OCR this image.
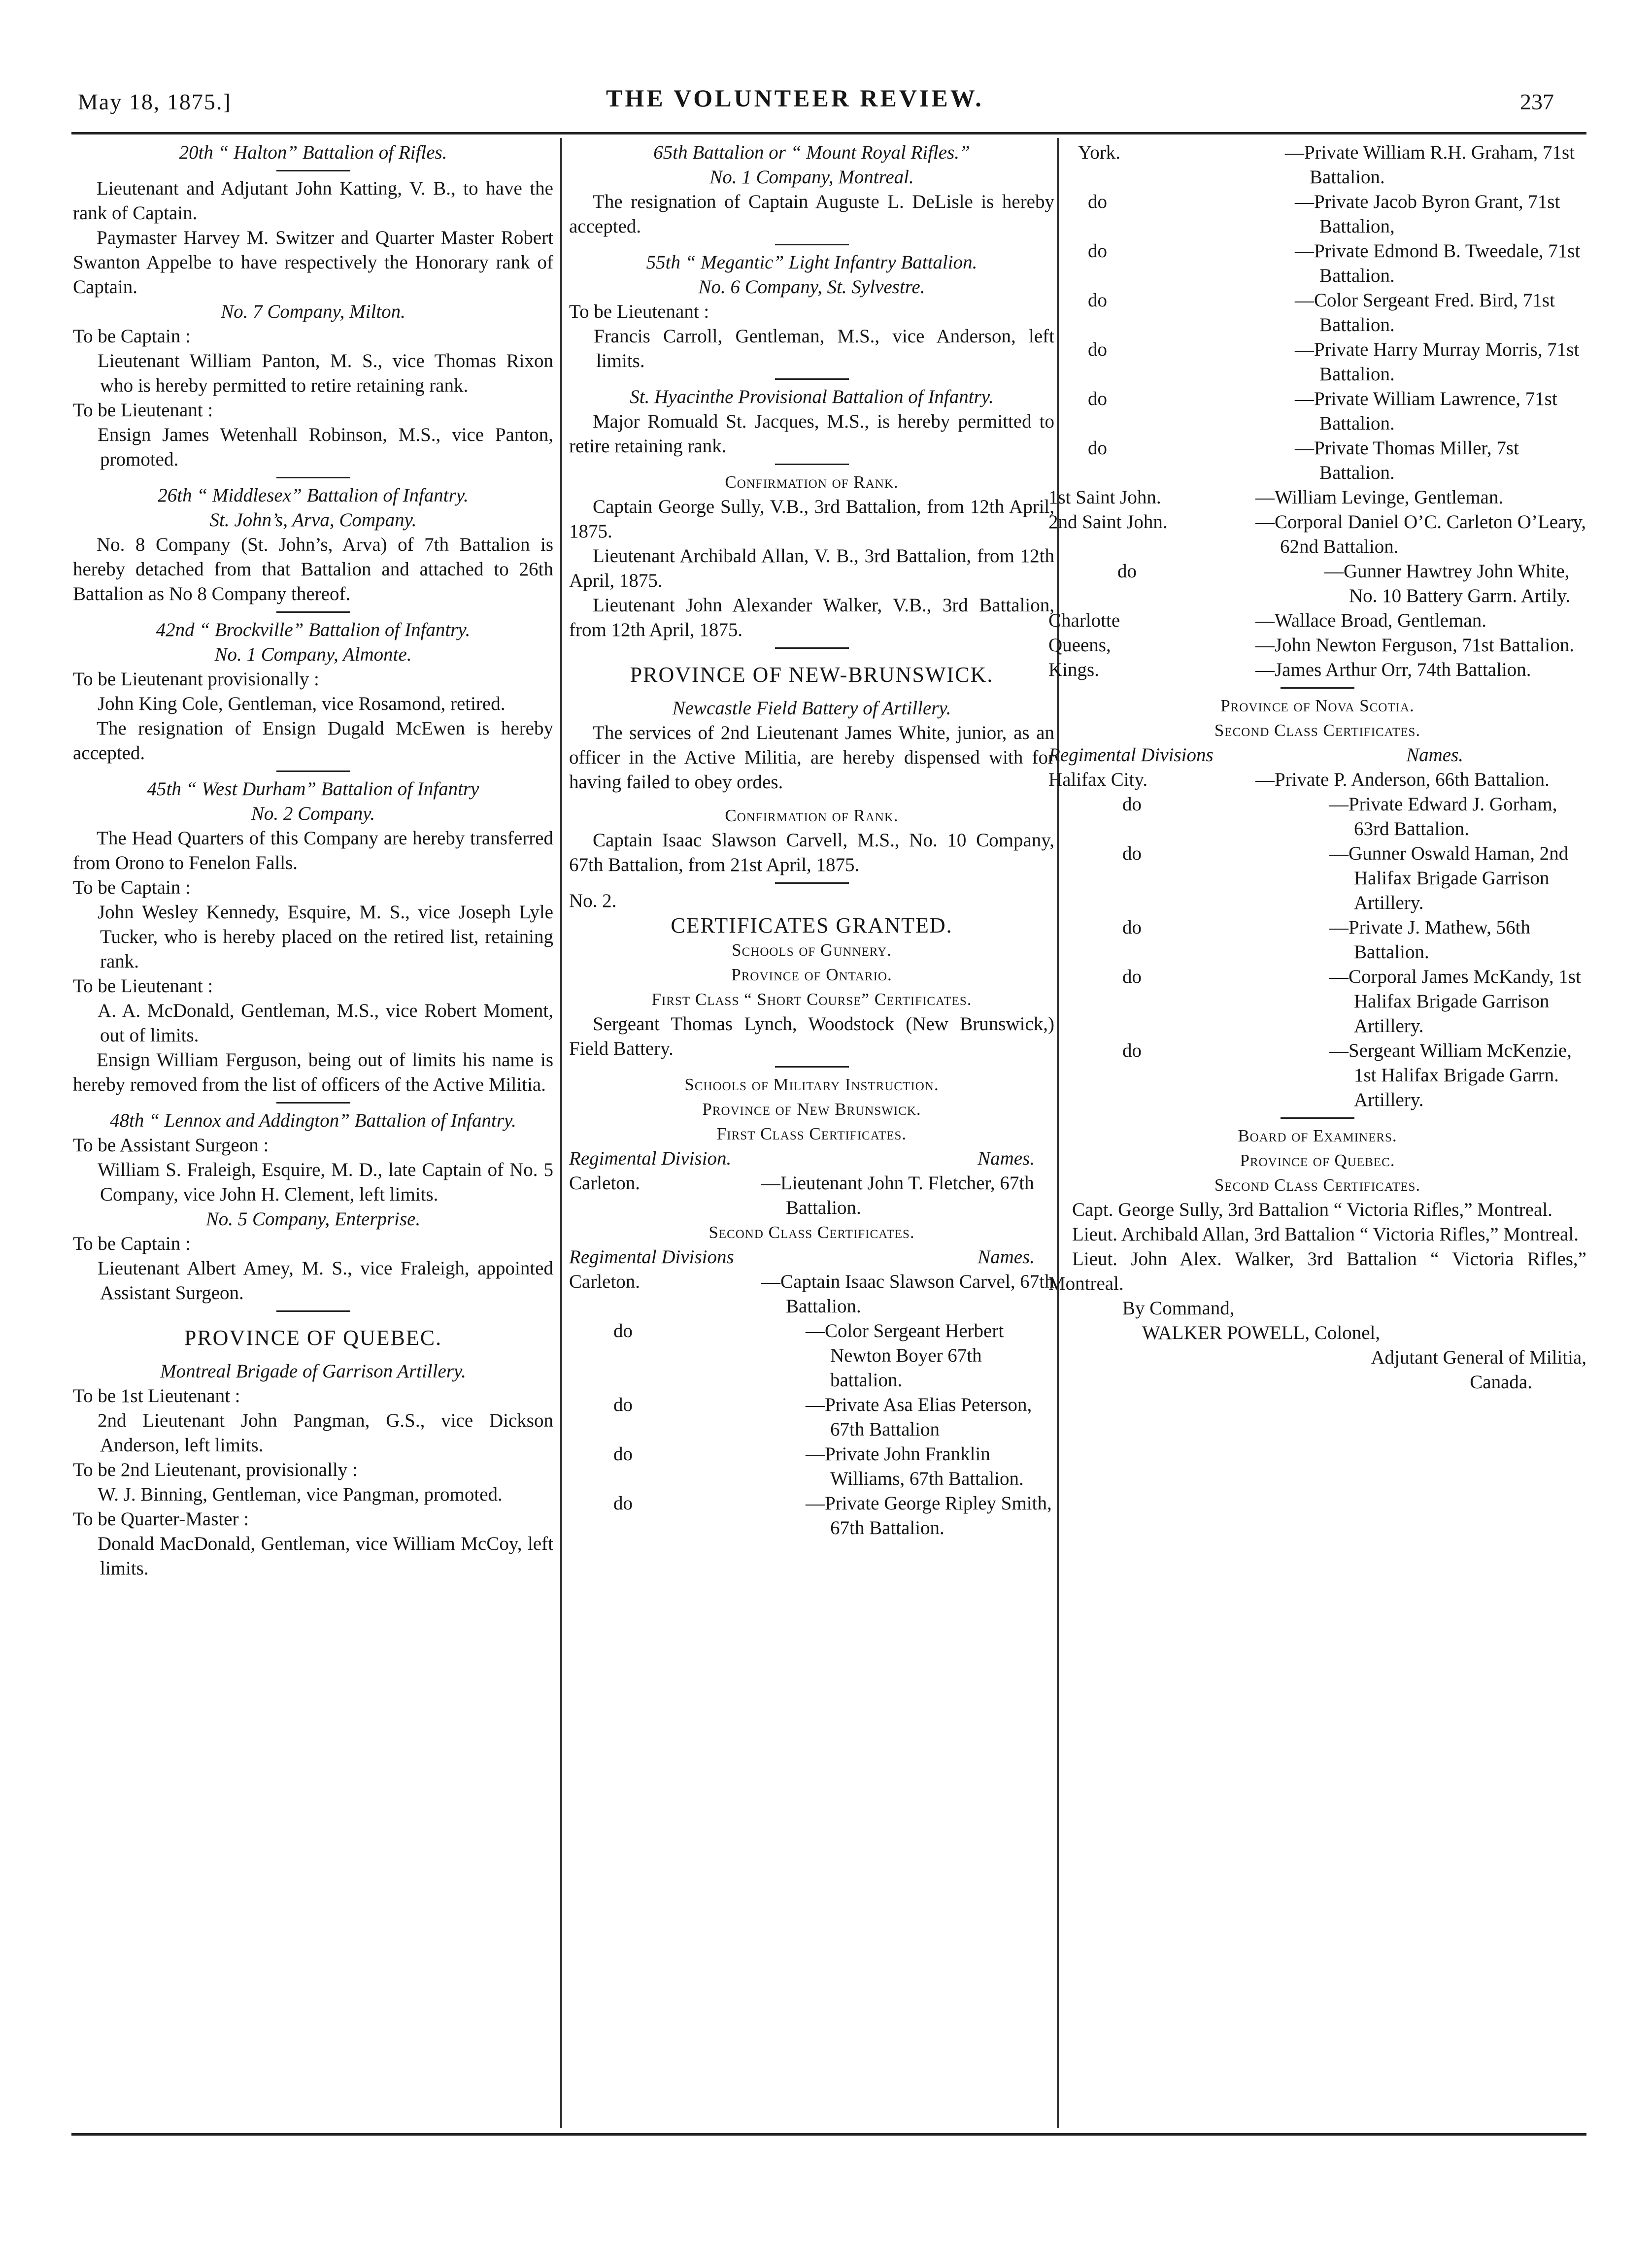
May 18, 1875.]	THE VOLUNTEER REVIEW.	237
20th “ Halton” Battalion of Rifles.
Lieutenant and Adjutant John Katting, V. B., to have the rank of Captain.
Paymaster Harvey M. Switzer and Quarter Master Robert Swanton Appelbe to have respectively the Honorary rank of Captain.
No. 7 Company, Milton.
To be Captain :
Lieutenant William Panton, M. S., vice Thomas Rixon who is hereby permitted to retire retaining rank.
To be Lieutenant :
Ensign James Wetenhall Robinson, M.S., vice Panton, promoted.
26th “ Middlesex” Battalion of Infantry.
St. John’s, Arva, Company.
No. 8 Company (St. John’s, Arva) of 7th Battalion is hereby detached from that Battalion and attached to 26th Battalion as No 8 Company thereof.
42nd “ Brockville” Battalion of Infantry.
No. 1 Company, Almonte.
To be Lieutenant provisionally :
John King Cole, Gentleman, vice Rosamond, retired.
The resignation of Ensign Dugald McEwen is hereby accepted.
45th “ West Durham” Battalion of Infantry
No. 2 Company.
The Head Quarters of this Company are hereby transferred from Orono to Fenelon Falls.
To be Captain :
John Wesley Kennedy, Esquire, M. S., vice Joseph Lyle Tucker, who is hereby placed on the retired list, retaining rank.
To be Lieutenant :
A. A. McDonald, Gentleman, M.S., vice Robert Moment, out of limits.
Ensign William Ferguson, being out of limits his name is hereby removed from the list of officers of the Active Militia.
48th “ Lennox and Addington” Battalion of Infantry.
To be Assistant Surgeon :
William S. Fraleigh, Esquire, M. D., late Captain of No. 5 Company, vice John H. Clement, left limits.
No. 5 Company, Enterprise.
To be Captain :
Lieutenant Albert Amey, M. S., vice Fraleigh, appointed Assistant Surgeon.
PROVINCE OF QUEBEC.
Montreal Brigade of Garrison Artillery.
To be 1st Lieutenant :
2nd Lieutenant John Pangman, G.S., vice Dickson Anderson, left limits.
To be 2nd Lieutenant, provisionally :
W. J. Binning, Gentleman, vice Pangman, promoted.
To be Quarter-Master :
Donald MacDonald, Gentleman, vice William McCoy, left limits.
65th Battalion or “ Mount Royal Rifles.”
No. 1 Company, Montreal.
The resignation of Captain Auguste L. DeLisle is hereby accepted.
55th “ Megantic” Light Infantry Battalion.
No. 6 Company, St. Sylvestre.
To be Lieutenant :
Francis Carroll, Gentleman, M.S., vice Anderson, left limits.
St. Hyacinthe Provisional Battalion of Infantry.
Major Romuald St. Jacques, M.S., is hereby permitted to retire retaining rank.
Confirmation of Rank.
Captain George Sully, V.B., 3rd Battalion, from 12th April, 1875.
Lieutenant Archibald Allan, V. B., 3rd Battalion, from 12th April, 1875.
Lieutenant John Alexander Walker, V.B., 3rd Battalion, from 12th April, 1875.
PROVINCE OF NEW-BRUNSWICK.
Newcastle Field Battery of Artillery.
The services of 2nd Lieutenant James White, junior, as an officer in the Active Militia, are hereby dispensed with for having failed to obey ordes.
Confirmation of Rank.
Captain Isaac Slawson Carvell, M.S., No. 10 Company, 67th Battalion, from 21st April, 1875.
No. 2.
CERTIFICATES GRANTED.
Schools of Gunnery.
Province of Ontario.
First Class “ Short Course” Certificates.
Sergeant Thomas Lynch, Woodstock (New Brunswick,) Field Battery.
Schools of Military Instruction.
Province of New Brunswick.
First Class Certificates.
Regimental Division.	Names.
Carleton.	—Lieutenant John T. Fletcher, 67th Battalion.
Second Class Certificates.
Regimental Divisions	Names.
Carleton.	—Captain Isaac Slawson Carvel, 67th Battalion.
do	—Color Sergeant Herbert Newton Boyer 67th battalion.
do	—Private Asa Elias Peterson, 67th Battalion
do	—Private John Franklin Williams, 67th Battalion.
do	—Private George Ripley Smith, 67th Battalion.
York.	—Private William R.H. Graham, 71st Battalion.
do	—Private Jacob Byron Grant, 71st Battalion,
do	—Private Edmond B. Tweedale, 71st Battalion.
do	—Color Sergeant Fred. Bird, 71st Battalion.
do	—Private Harry Murray Morris, 71st Battalion.
do	—Private William Lawrence, 71st Battalion.
do	—Private Thomas Miller, 7st Battalion.
1st Saint John.	—William Levinge, Gentleman.
2nd Saint John.	—Corporal Daniel O’C. Carleton O’Leary, 62nd Battalion.
do	—Gunner Hawtrey John White, No. 10 Battery Garrn. Artily.
Charlotte	—Wallace Broad, Gentleman.
Queens,	—John Newton Ferguson, 71st Battalion.
Kings.	—James Arthur Orr, 74th Battalion.
Province of Nova Scotia.
Second Class Certificates.
Regimental Divisions	Names.
Halifax City.	—Private P. Anderson, 66th Battalion.
do	—Private Edward J. Gorham, 63rd Battalion.
do	—Gunner Oswald Haman, 2nd Halifax Brigade Garrison Artillery.
do	—Private J. Mathew, 56th Battalion.
do	—Corporal James McKandy, 1st Halifax Brigade Garrison Artillery.
do	—Sergeant William McKenzie, 1st Halifax Brigade Garrn. Artillery.
Board of Examiners.
Province of Quebec.
Second Class Certificates.
Capt. George Sully, 3rd Battalion “ Victoria Rifles,” Montreal.
Lieut. Archibald Allan, 3rd Battalion “ Victoria Rifles,” Montreal.
Lieut. John Alex. Walker, 3rd Battalion “ Victoria Rifles,” Montreal.
By Command,
WALKER POWELL, Colonel,
Adjutant General of Militia,
Canada.
